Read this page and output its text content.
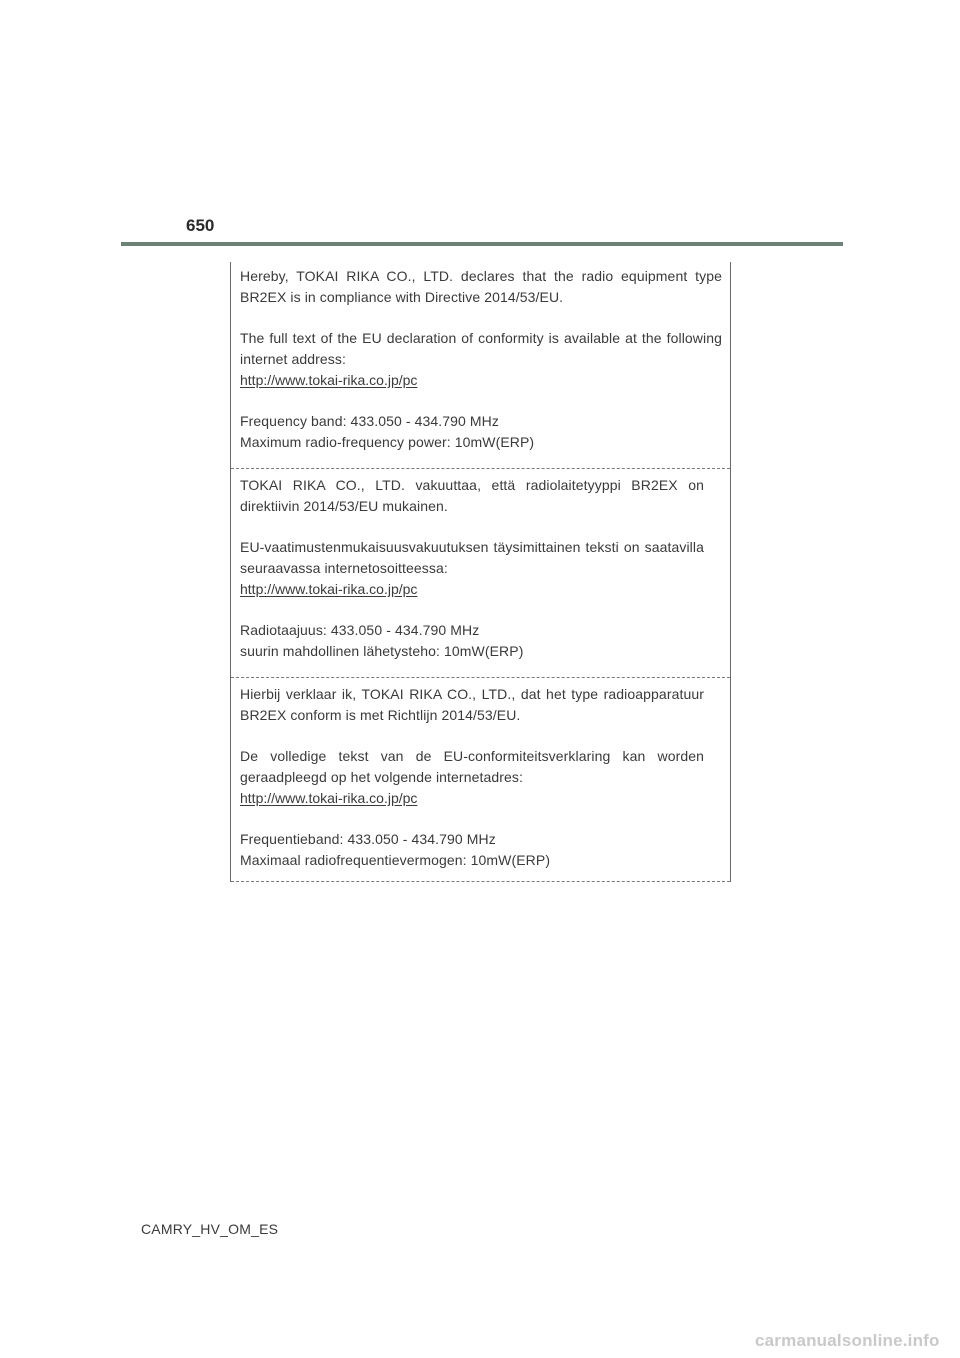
650

Hereby, TOKAI RIKA CO., LTD. declares that the radio equipment type BR2EX is in compliance with Directive 2014/53/EU.

The full text of the EU declaration of conformity is available at the following internet address:

http://www.tokai-rika.co.jp/pc

Frequency band: 433.050 - 434.790 MHz

Maximum radio-frequency power: 10mW(ERP)

TOKAI RIKA CO., LTD. vakuuttaa, että radiolaitetyyppi BR2EX on direktiivin 2014/53/EU mukainen.

EU-vaatimustenmukaisuusvakuutuksen täysimittainen teksti on saatavilla seuraavassa internetosoitteessa:

http://www.tokai-rika.co.jp/pc

Radiotaajuus: 433.050 - 434.790 MHz

suurin mahdollinen lähetysteho: 10mW(ERP)

Hierbij verklaar ik, TOKAI RIKA CO., LTD., dat het type radioapparatuur BR2EX conform is met Richtlijn 2014/53/EU.

De volledige tekst van de EU-conformiteitsverklaring kan worden geraadpleegd op het volgende internetadres:

http://www.tokai-rika.co.jp/pc

Frequentieband: 433.050 - 434.790 MHz

Maximaal radiofrequentievermogen: 10mW(ERP)

CAMRY_HV_OM_ES
carmanualsonline.info
